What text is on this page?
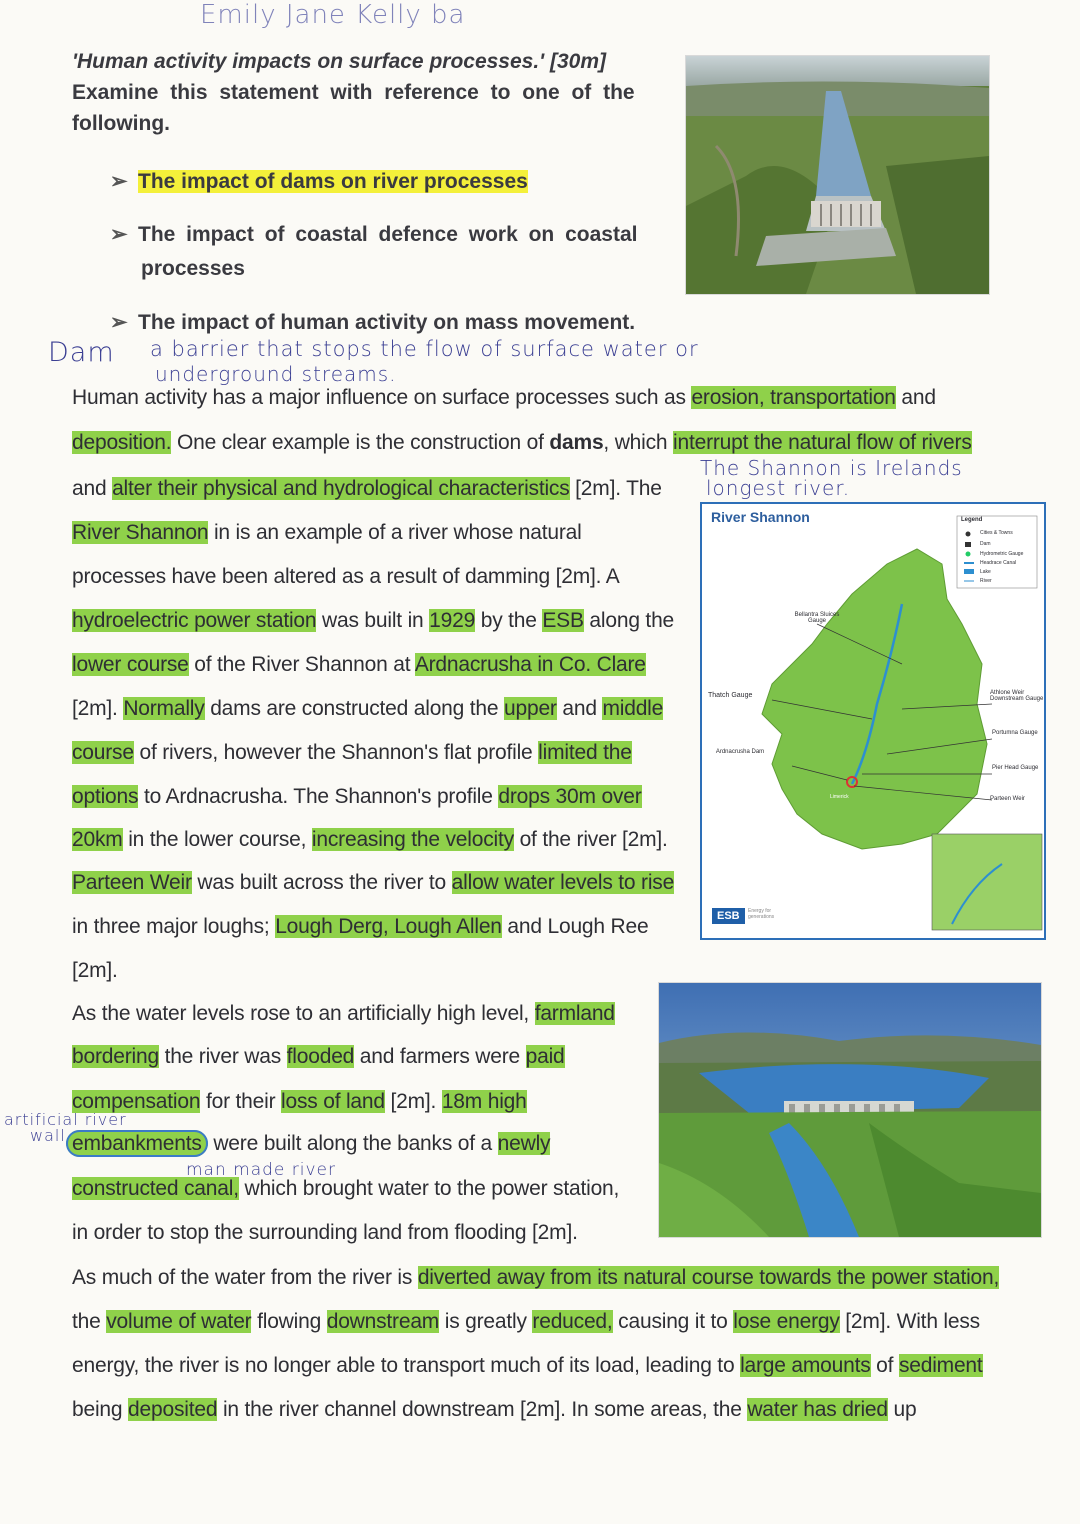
Emily Jane Kelly ba
'Human activity impacts on surface processes.' [30m]
Examine this statement with reference to one of the
following.
➢ The impact of dams on river processes
➢ The impact of coastal defence work on coastal
processes
➢ The impact of human activity on mass movement.
Dam a barrier that stops the flow of surface water or
underground streams.
Human activity has a major influence on surface processes such as erosion, transportation and
deposition. One clear example is the construction of dams, which interrupt the natural flow of rivers
and alter their physical and hydrological characteristics [2m]. The
River Shannon in is an example of a river whose natural
processes have been altered as a result of damming [2m]. A
hydroelectric power station was built in 1929 by the ESB along the
lower course of the River Shannon at Ardnacrusha in Co. Clare
[2m]. Normally dams are constructed along the upper and middle
course of rivers, however the Shannon's flat profile limited the
options to Ardnacrusha. The Shannon's profile drops 30m over
20km in the lower course, increasing the velocity of the river [2m].
Parteen Weir was built across the river to allow water levels to rise
in three major loughs; Lough Derg, Lough Allen and Lough Ree
[2m].
As the water levels rose to an artificially high level, farmland
bordering the river was flooded and farmers were paid
compensation for their loss of land [2m]. 18m high
embankments were built along the banks of a newly
constructed canal, which brought water to the power station,
in order to stop the surrounding land from flooding [2m].
As much of the water from the river is diverted away from its natural course towards the power station,
the volume of water flowing downstream is greatly reduced, causing it to lose energy [2m]. With less
energy, the river is no longer able to transport much of its load, leading to large amounts of sediment
being deposited in the river channel downstream [2m]. In some areas, the water has dried up
The Shannon is Irelands
longest river.
artificial river
wall
man made river
River Shannon	Legend
Cities & Towns
Dam
Hydrometric Gauge
Headrace Canal
Lake
River
Bellantra Sluices Gauge
Thatch Gauge
Ardnacrusha Dam
Athlone Weir Downstream Gauge
Portumna Gauge
Pier Head Gauge
Parteen Weir
Limerick
ESB	Energy for generations
